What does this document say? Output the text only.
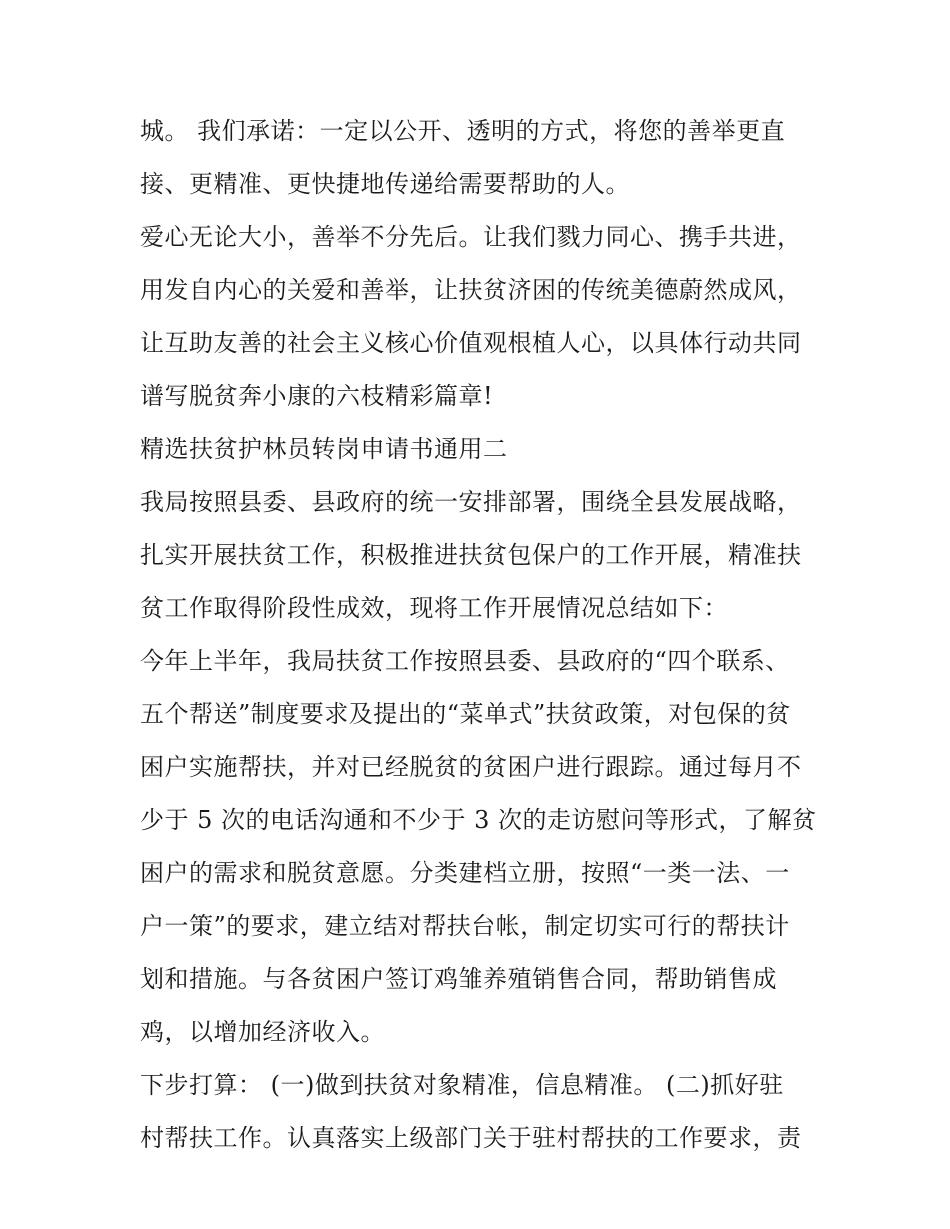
城。 我们承诺：一定以公开、透明的方式，将您的善举更直
接、更精准、更快捷地传递给需要帮助的人。
爱心无论大小，善举不分先后。让我们戮力同心、携手共进，
用发自内心的关爱和善举，让扶贫济困的传统美德蔚然成风，
让互助友善的社会主义核心价值观根植人心，以具体行动共同
谱写脱贫奔小康的六枝精彩篇章!
精选扶贫护林员转岗申请书通用二
我局按照县委、县政府的统一安排部署，围绕全县发展战略，
扎实开展扶贫工作，积极推进扶贫包保户的工作开展，精准扶
贫工作取得阶段性成效，现将工作开展情况总结如下：
今年上半年，我局扶贫工作按照县委、县政府的“四个联系、
五个帮送”制度要求及提出的“菜单式”扶贫政策，对包保的贫
困户实施帮扶，并对已经脱贫的贫困户进行跟踪。通过每月不
少于 5 次的电话沟通和不少于 3 次的走访慰问等形式，了解贫
困户的需求和脱贫意愿。分类建档立册，按照“一类一法、一
户一策”的要求，建立结对帮扶台帐，制定切实可行的帮扶计
划和措施。与各贫困户签订鸡雏养殖销售合同，帮助销售成
鸡，以增加经济收入。
下步打算： (一)做到扶贫对象精准，信息精准。 (二)抓好驻
村帮扶工作。认真落实上级部门关于驻村帮扶的工作要求，责
